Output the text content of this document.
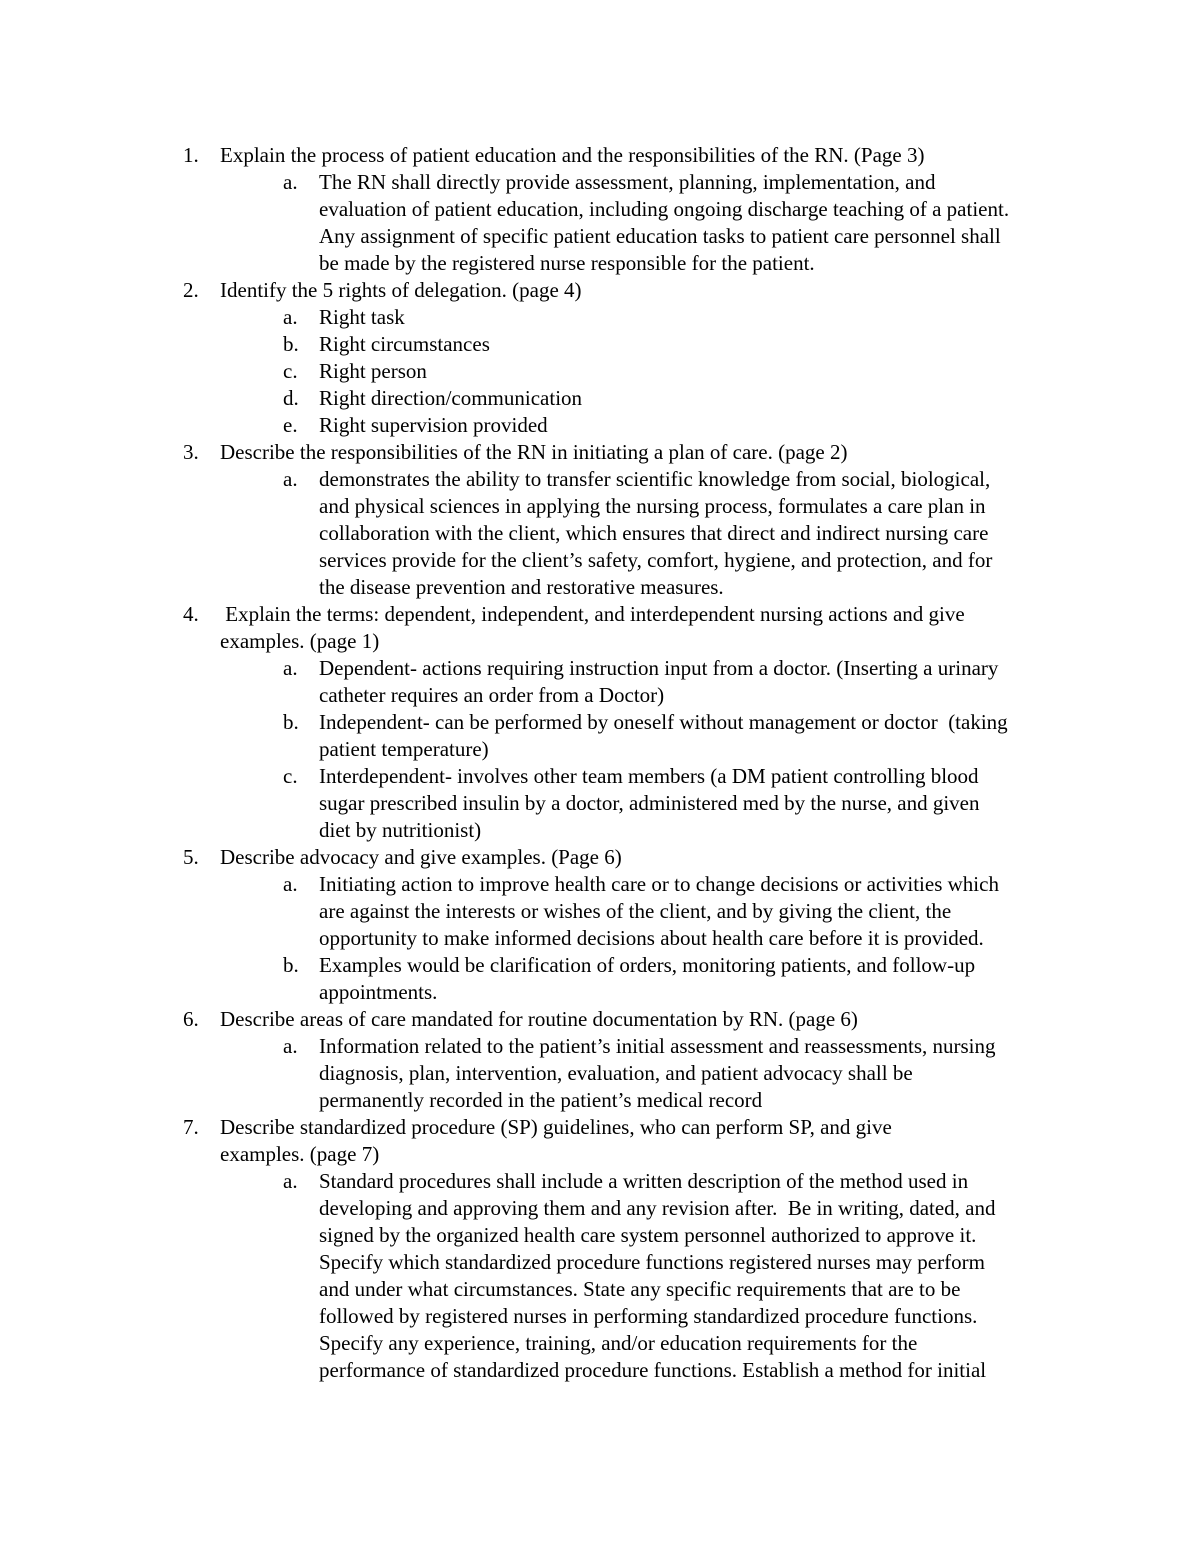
1.	Explain the process of patient education and the responsibilities of the RN. (Page 3)
a.	The RN shall directly provide assessment, planning, implementation, and
evaluation of patient education, including ongoing discharge teaching of a patient.
Any assignment of specific patient education tasks to patient care personnel shall
be made by the registered nurse responsible for the patient.
2.	Identify the 5 rights of delegation. (page 4)
a.	Right task
b. Right circumstances
c.	Right person
d. Right direction/communication
e.	Right supervision provided
3.	Describe the responsibilities of the RN in initiating a plan of care. (page 2)
a.	demonstrates the ability to transfer scientific knowledge from social, biological,
and physical sciences in applying the nursing process, formulates a care plan in
collaboration with the client, which ensures that direct and indirect nursing care
services provide for the client’s safety, comfort, hygiene, and protection, and for
the disease prevention and restorative measures.
4.	Explain the terms: dependent, independent, and interdependent nursing actions and give
examples. (page 1)
a.	Dependent- actions requiring instruction input from a doctor. (Inserting a urinary
catheter requires an order from a Doctor)
b. Independent- can be performed by oneself without management or doctor  (taking
patient temperature)
c.	Interdependent- involves other team members (a DM patient controlling blood
sugar prescribed insulin by a doctor, administered med by the nurse, and given
diet by nutritionist)
5.	Describe advocacy and give examples. (Page 6)
a.	Initiating action to improve health care or to change decisions or activities which
are against the interests or wishes of the client, and by giving the client, the
opportunity to make informed decisions about health care before it is provided.
b. Examples would be clarification of orders, monitoring patients, and follow-up
appointments.
6.	Describe areas of care mandated for routine documentation by RN. (page 6)
a.	Information related to the patient’s initial assessment and reassessments, nursing
diagnosis, plan, intervention, evaluation, and patient advocacy shall be
permanently recorded in the patient’s medical record
7.	Describe standardized procedure (SP) guidelines, who can perform SP, and give
examples. (page 7)
a.	Standard procedures shall include a written description of the method used in
developing and approving them and any revision after.  Be in writing, dated, and
signed by the organized health care system personnel authorized to approve it.
Specify which standardized procedure functions registered nurses may perform
and under what circumstances. State any specific requirements that are to be
followed by registered nurses in performing standardized procedure functions.
Specify any experience, training, and/or education requirements for the
performance of standardized procedure functions. Establish a method for initial
